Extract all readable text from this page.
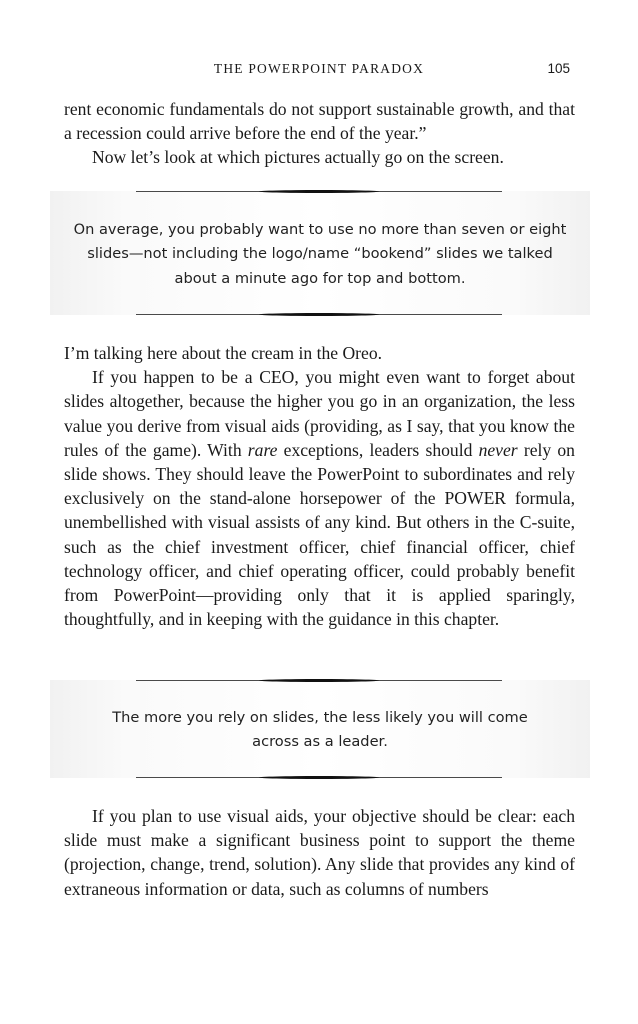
THE POWERPOINT PARADOX	105

rent economic fundamentals do not support sustainable growth, and that a recession could arrive before the end of the year.”

Now let’s look at which pictures actually go on the screen.

On average, you probably want to use no more than seven or eight slides—not including the logo/name “bookend” slides we talked about a minute ago for top and bottom.

I’m talking here about the cream in the Oreo.

If you happen to be a CEO, you might even want to forget about slides altogether, because the higher you go in an organization, the less value you derive from visual aids (providing, as I say, that you know the rules of the game). With rare exceptions, leaders should never rely on slide shows. They should leave the PowerPoint to subordinates and rely exclusively on the stand-alone horsepower of the POWER formula, unembellished with visual assists of any kind. But others in the C-suite, such as the chief investment officer, chief financial officer, chief technology officer, and chief operating officer, could probably benefit from PowerPoint—providing only that it is applied sparingly, thoughtfully, and in keeping with the guidance in this chapter.

The more you rely on slides, the less likely you will come across as a leader.

If you plan to use visual aids, your objective should be clear: each slide must make a significant business point to support the theme (projection, change, trend, solution). Any slide that provides any kind of extraneous information or data, such as columns of numbers
